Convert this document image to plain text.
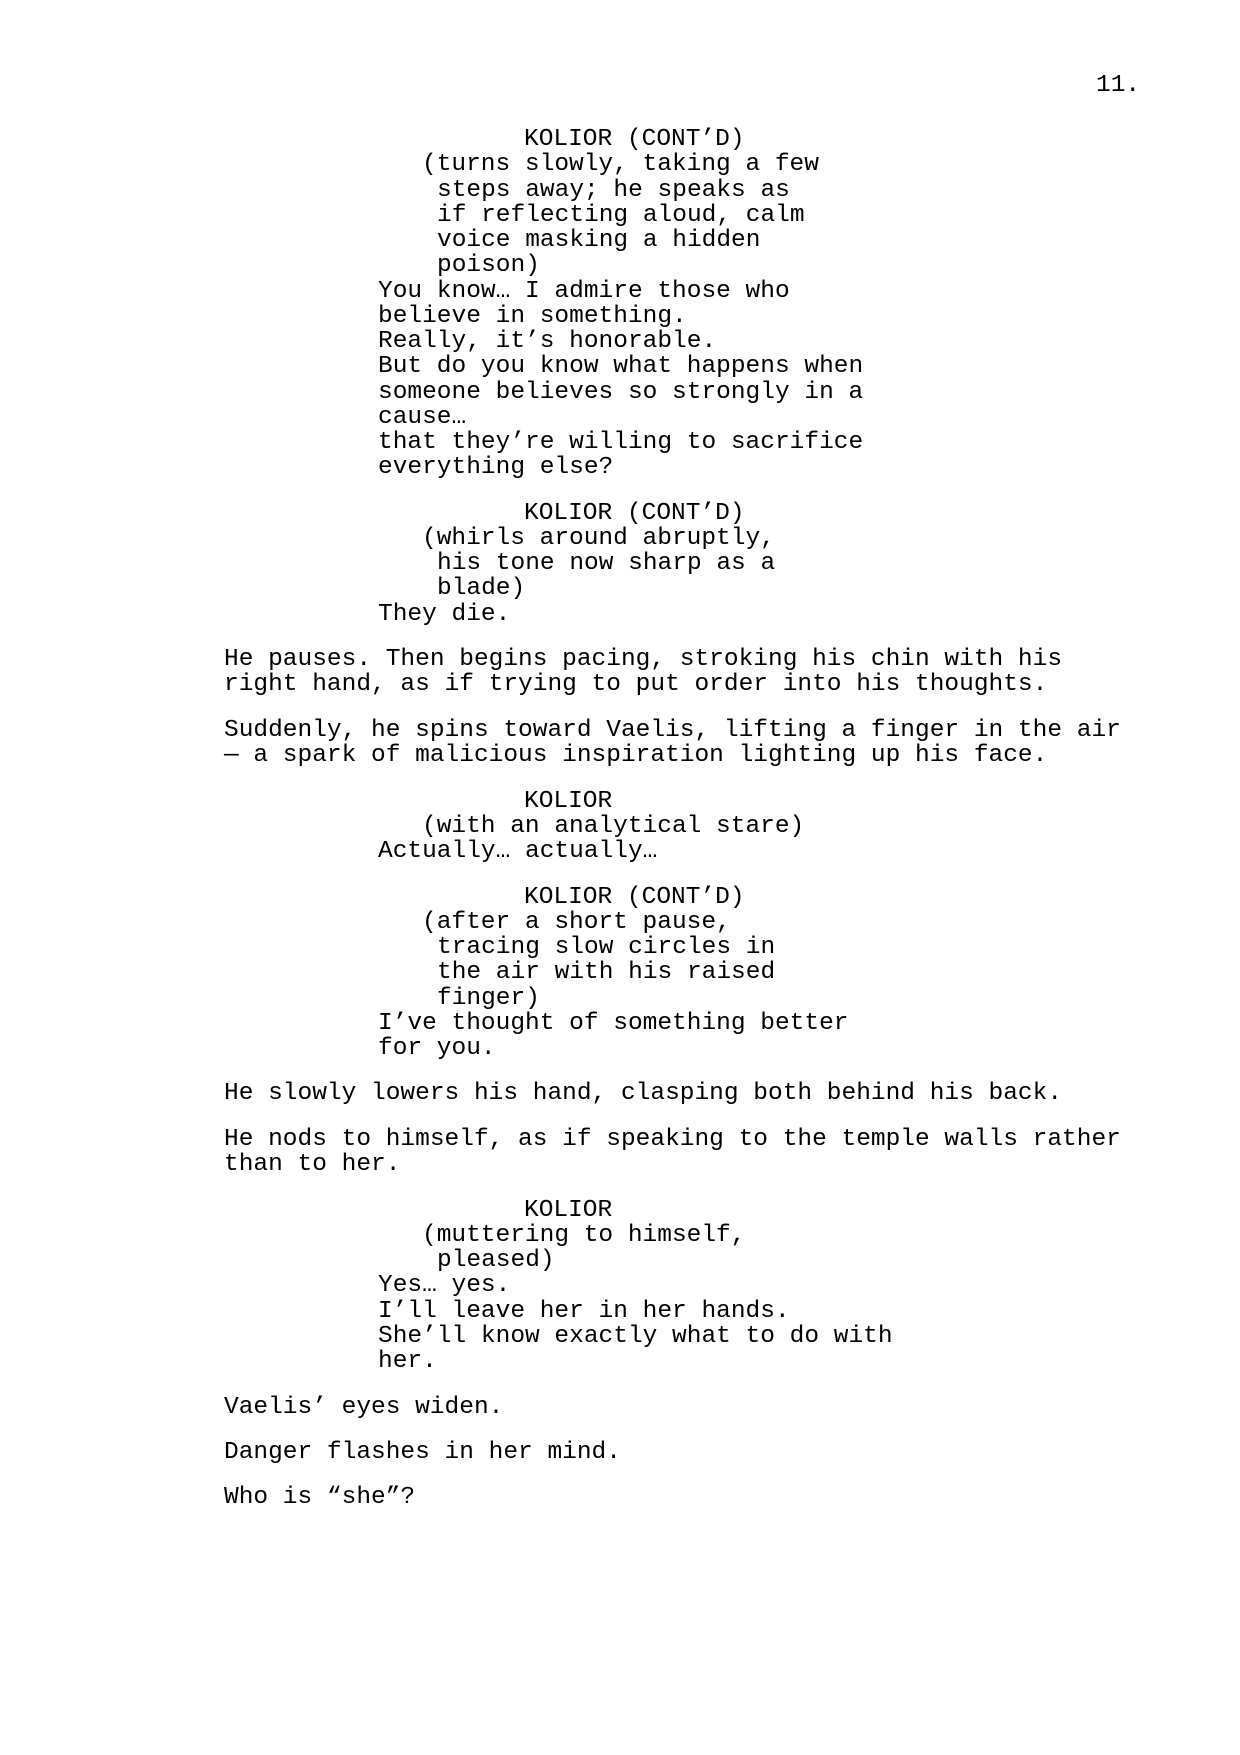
11.
KOLIOR (CONT’D)
(turns slowly, taking a few
steps away; he speaks as
if reflecting aloud, calm
voice masking a hidden
poison)
You know… I admire those who
believe in something.
Really, it’s honorable.
But do you know what happens when
someone believes so strongly in a
cause…
that they’re willing to sacrifice
everything else?
KOLIOR (CONT’D)
(whirls around abruptly,
his tone now sharp as a
blade)
They die.
He pauses. Then begins pacing, stroking his chin with his
right hand, as if trying to put order into his thoughts.
Suddenly, he spins toward Vaelis, lifting a finger in the air
— a spark of malicious inspiration lighting up his face.
KOLIOR
(with an analytical stare)
Actually… actually…
KOLIOR (CONT’D)
(after a short pause,
tracing slow circles in
the air with his raised
finger)
I’ve thought of something better
for you.
He slowly lowers his hand, clasping both behind his back.
He nods to himself, as if speaking to the temple walls rather
than to her.
KOLIOR
(muttering to himself,
pleased)
Yes… yes.
I’ll leave her in her hands.
She’ll know exactly what to do with
her.
Vaelis’ eyes widen.
Danger flashes in her mind.
Who is “she”?
